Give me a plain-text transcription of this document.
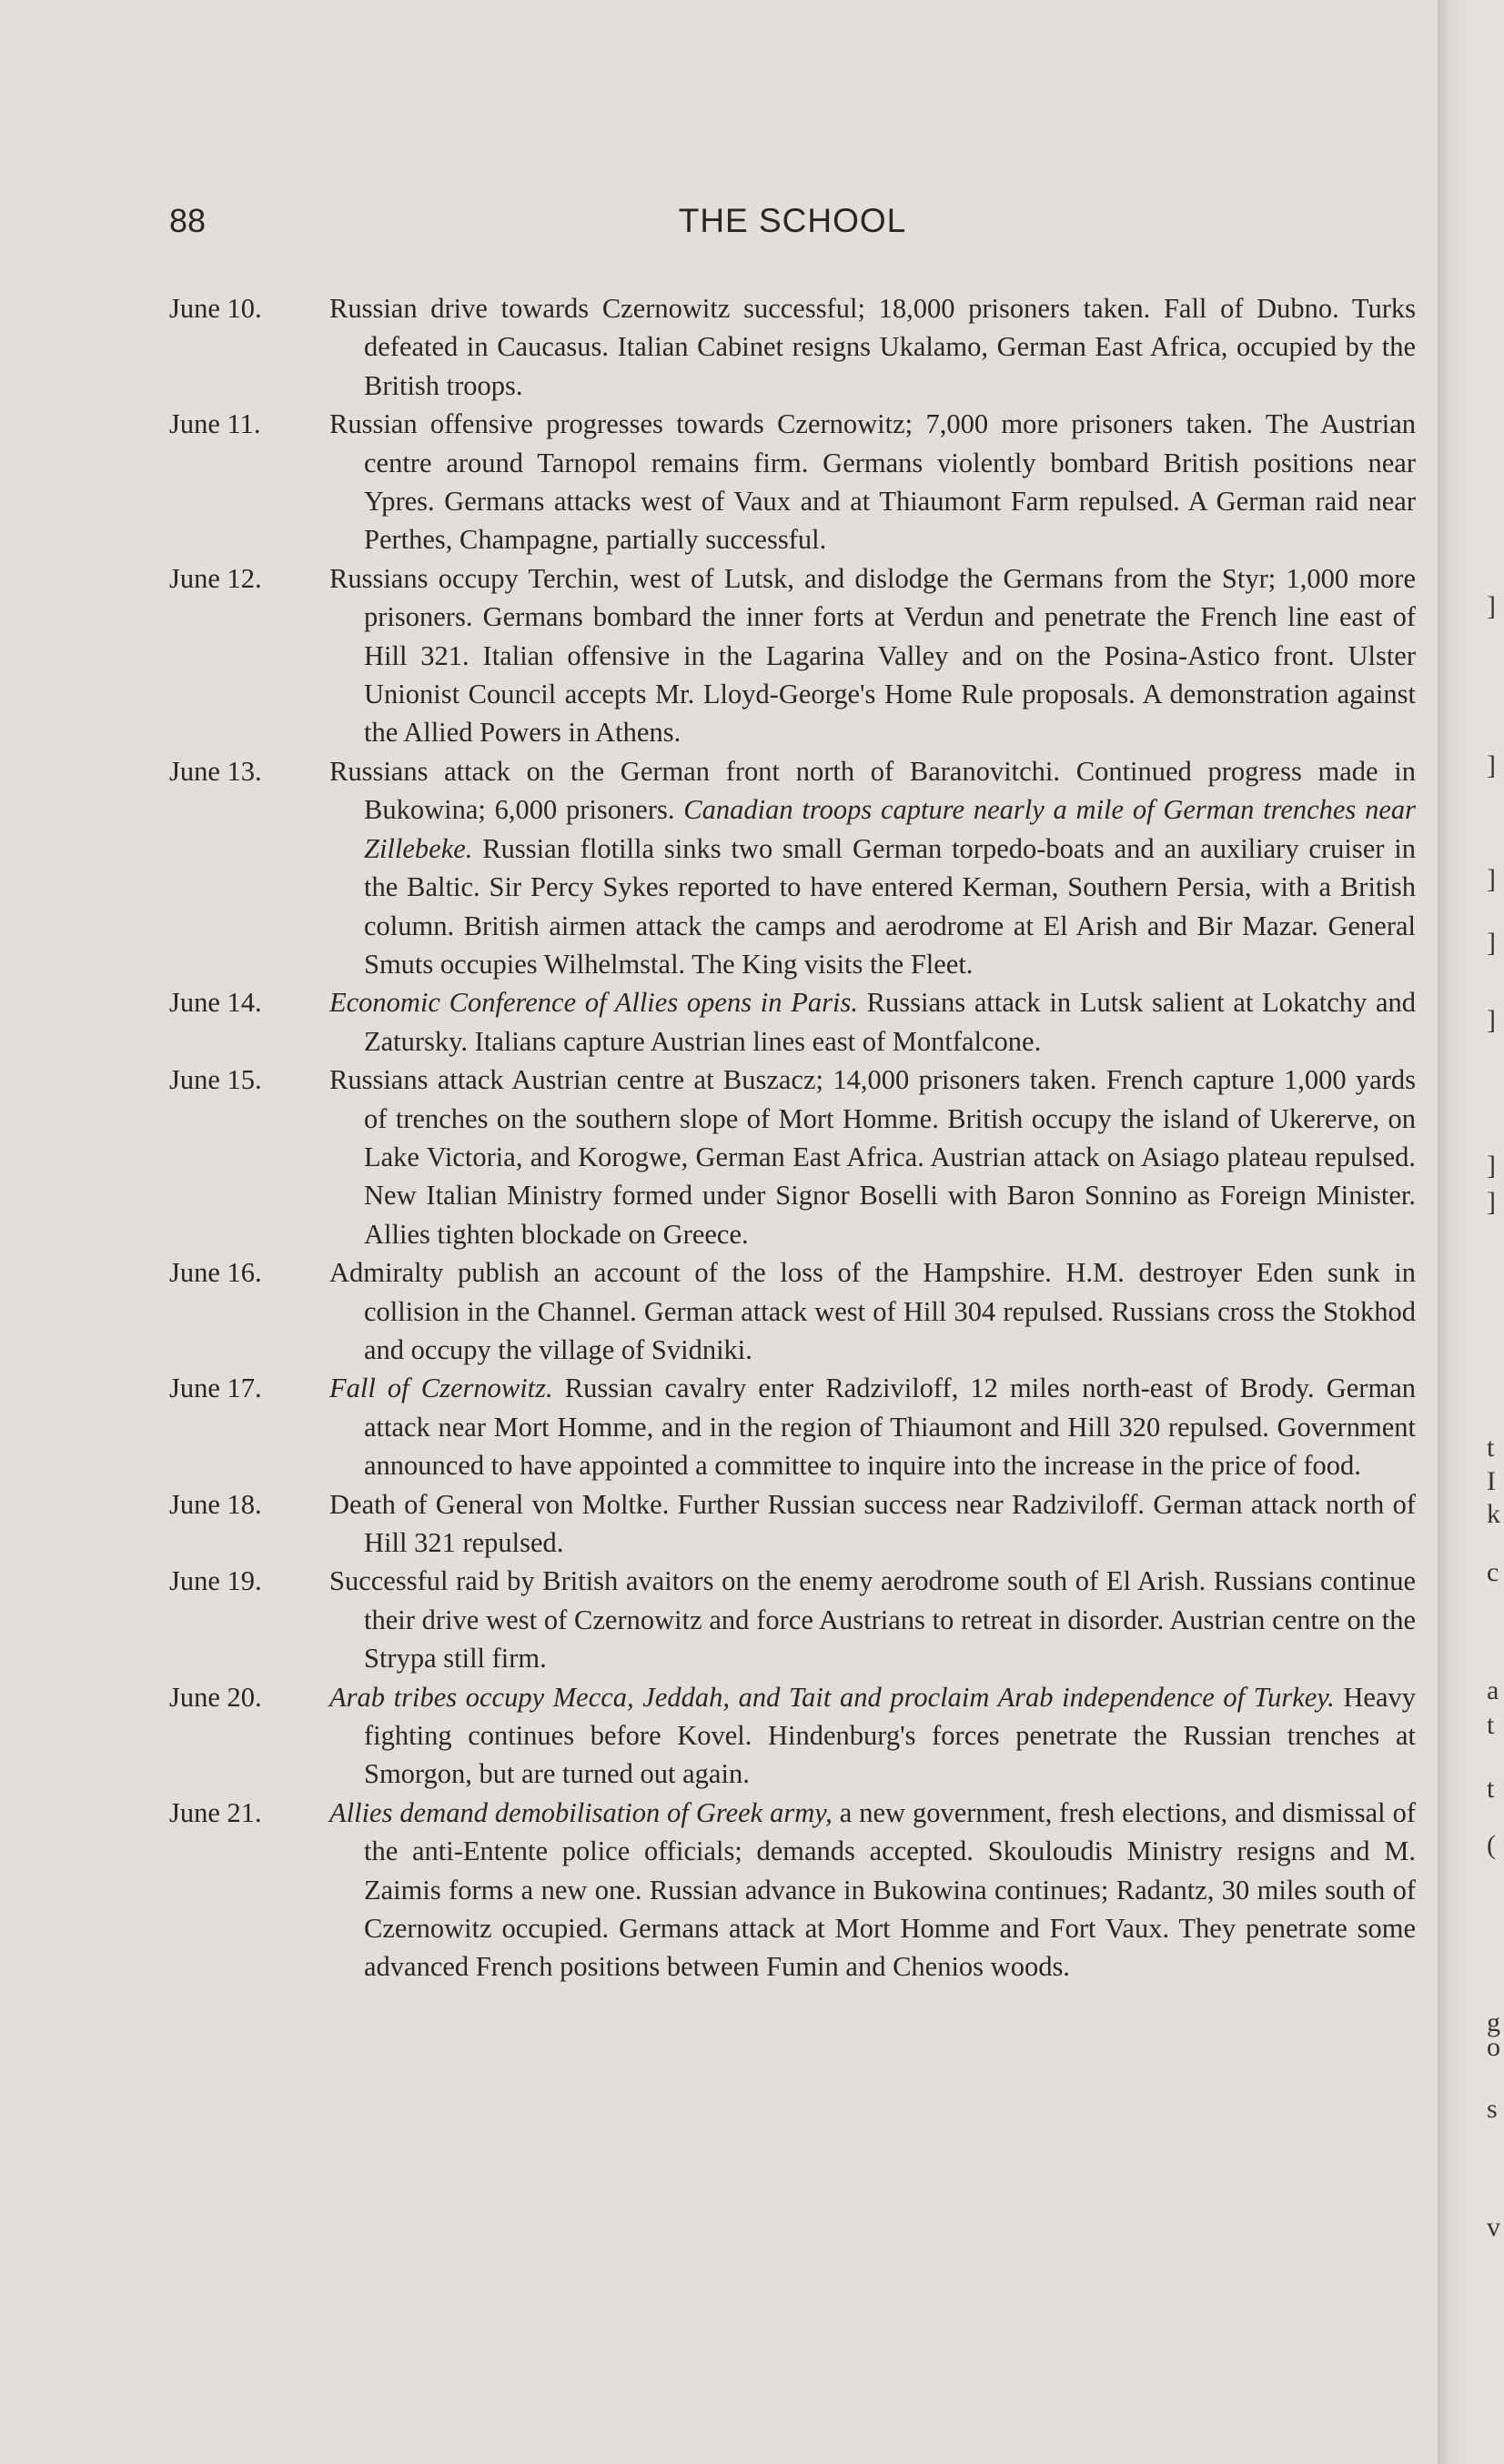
88	THE SCHOOL
June 10.	Russian drive towards Czernowitz successful; 18,000 prisoners taken. Fall of Dubno. Turks defeated in Caucasus. Italian Cabinet resigns Ukalamo, German East Africa, occupied by the British troops.
June 11.	Russian offensive progresses towards Czernowitz; 7,000 more prisoners taken. The Austrian centre around Tarnopol remains firm. Germans violently bombard British positions near Ypres. Germans attacks west of Vaux and at Thiaumont Farm repulsed. A German raid near Perthes, Champagne, partially successful.
June 12.	Russians occupy Terchin, west of Lutsk, and dislodge the Germans from the Styr; 1,000 more prisoners. Germans bombard the inner forts at Verdun and penetrate the French line east of Hill 321. Italian offensive in the Lagarina Valley and on the Posina-Astico front. Ulster Unionist Council accepts Mr. Lloyd-George's Home Rule proposals. A demonstration against the Allied Powers in Athens.
June 13.	Russians attack on the German front north of Baranovitchi. Continued progress made in Bukowina; 6,000 prisoners. Canadian troops capture nearly a mile of German trenches near Zillebeke. Russian flotilla sinks two small German torpedo-boats and an auxiliary cruiser in the Baltic. Sir Percy Sykes reported to have entered Kerman, Southern Persia, with a British column. British airmen attack the camps and aerodrome at El Arish and Bir Mazar. General Smuts occupies Wilhelmstal. The King visits the Fleet.
June 14.	Economic Conference of Allies opens in Paris. Russians attack in Lutsk salient at Lokatchy and Zatursky. Italians capture Austrian lines east of Montfalcone.
June 15.	Russians attack Austrian centre at Buszacz; 14,000 prisoners taken. French capture 1,000 yards of trenches on the southern slope of Mort Homme. British occupy the island of Ukererve, on Lake Victoria, and Korogwe, German East Africa. Austrian attack on Asiago plateau repulsed. New Italian Ministry formed under Signor Boselli with Baron Sonnino as Foreign Minister. Allies tighten blockade on Greece.
June 16.	Admiralty publish an account of the loss of the Hampshire. H.M. destroyer Eden sunk in collision in the Channel. German attack west of Hill 304 repulsed. Russians cross the Stokhod and occupy the village of Svidniki.
June 17.	Fall of Czernowitz. Russian cavalry enter Radziviloff, 12 miles north-east of Brody. German attack near Mort Homme, and in the region of Thiaumont and Hill 320 repulsed. Government announced to have appointed a committee to inquire into the increase in the price of food.
June 18.	Death of General von Moltke. Further Russian success near Radziviloff. German attack north of Hill 321 repulsed.
June 19.	Successful raid by British avaitors on the enemy aerodrome south of El Arish. Russians continue their drive west of Czernowitz and force Austrians to retreat in disorder. Austrian centre on the Strypa still firm.
June 20.	Arab tribes occupy Mecca, Jeddah, and Tait and proclaim Arab independence of Turkey. Heavy fighting continues before Kovel. Hindenburg's forces penetrate the Russian trenches at Smorgon, but are turned out again.
June 21.	Allies demand demobilisation of Greek army, a new government, fresh elections, and dismissal of the anti-Entente police officials; demands accepted. Skouloudis Ministry resigns and M. Zaimis forms a new one. Russian advance in Bukowina continues; Radantz, 30 miles south of Czernowitz occupied. Germans attack at Mort Homme and Fort Vaux. They penetrate some advanced French positions between Fumin and Chenios woods.
]
]
]
]
]
]
]
t
I
k
c
a
t
t
(
g
o
s
v
